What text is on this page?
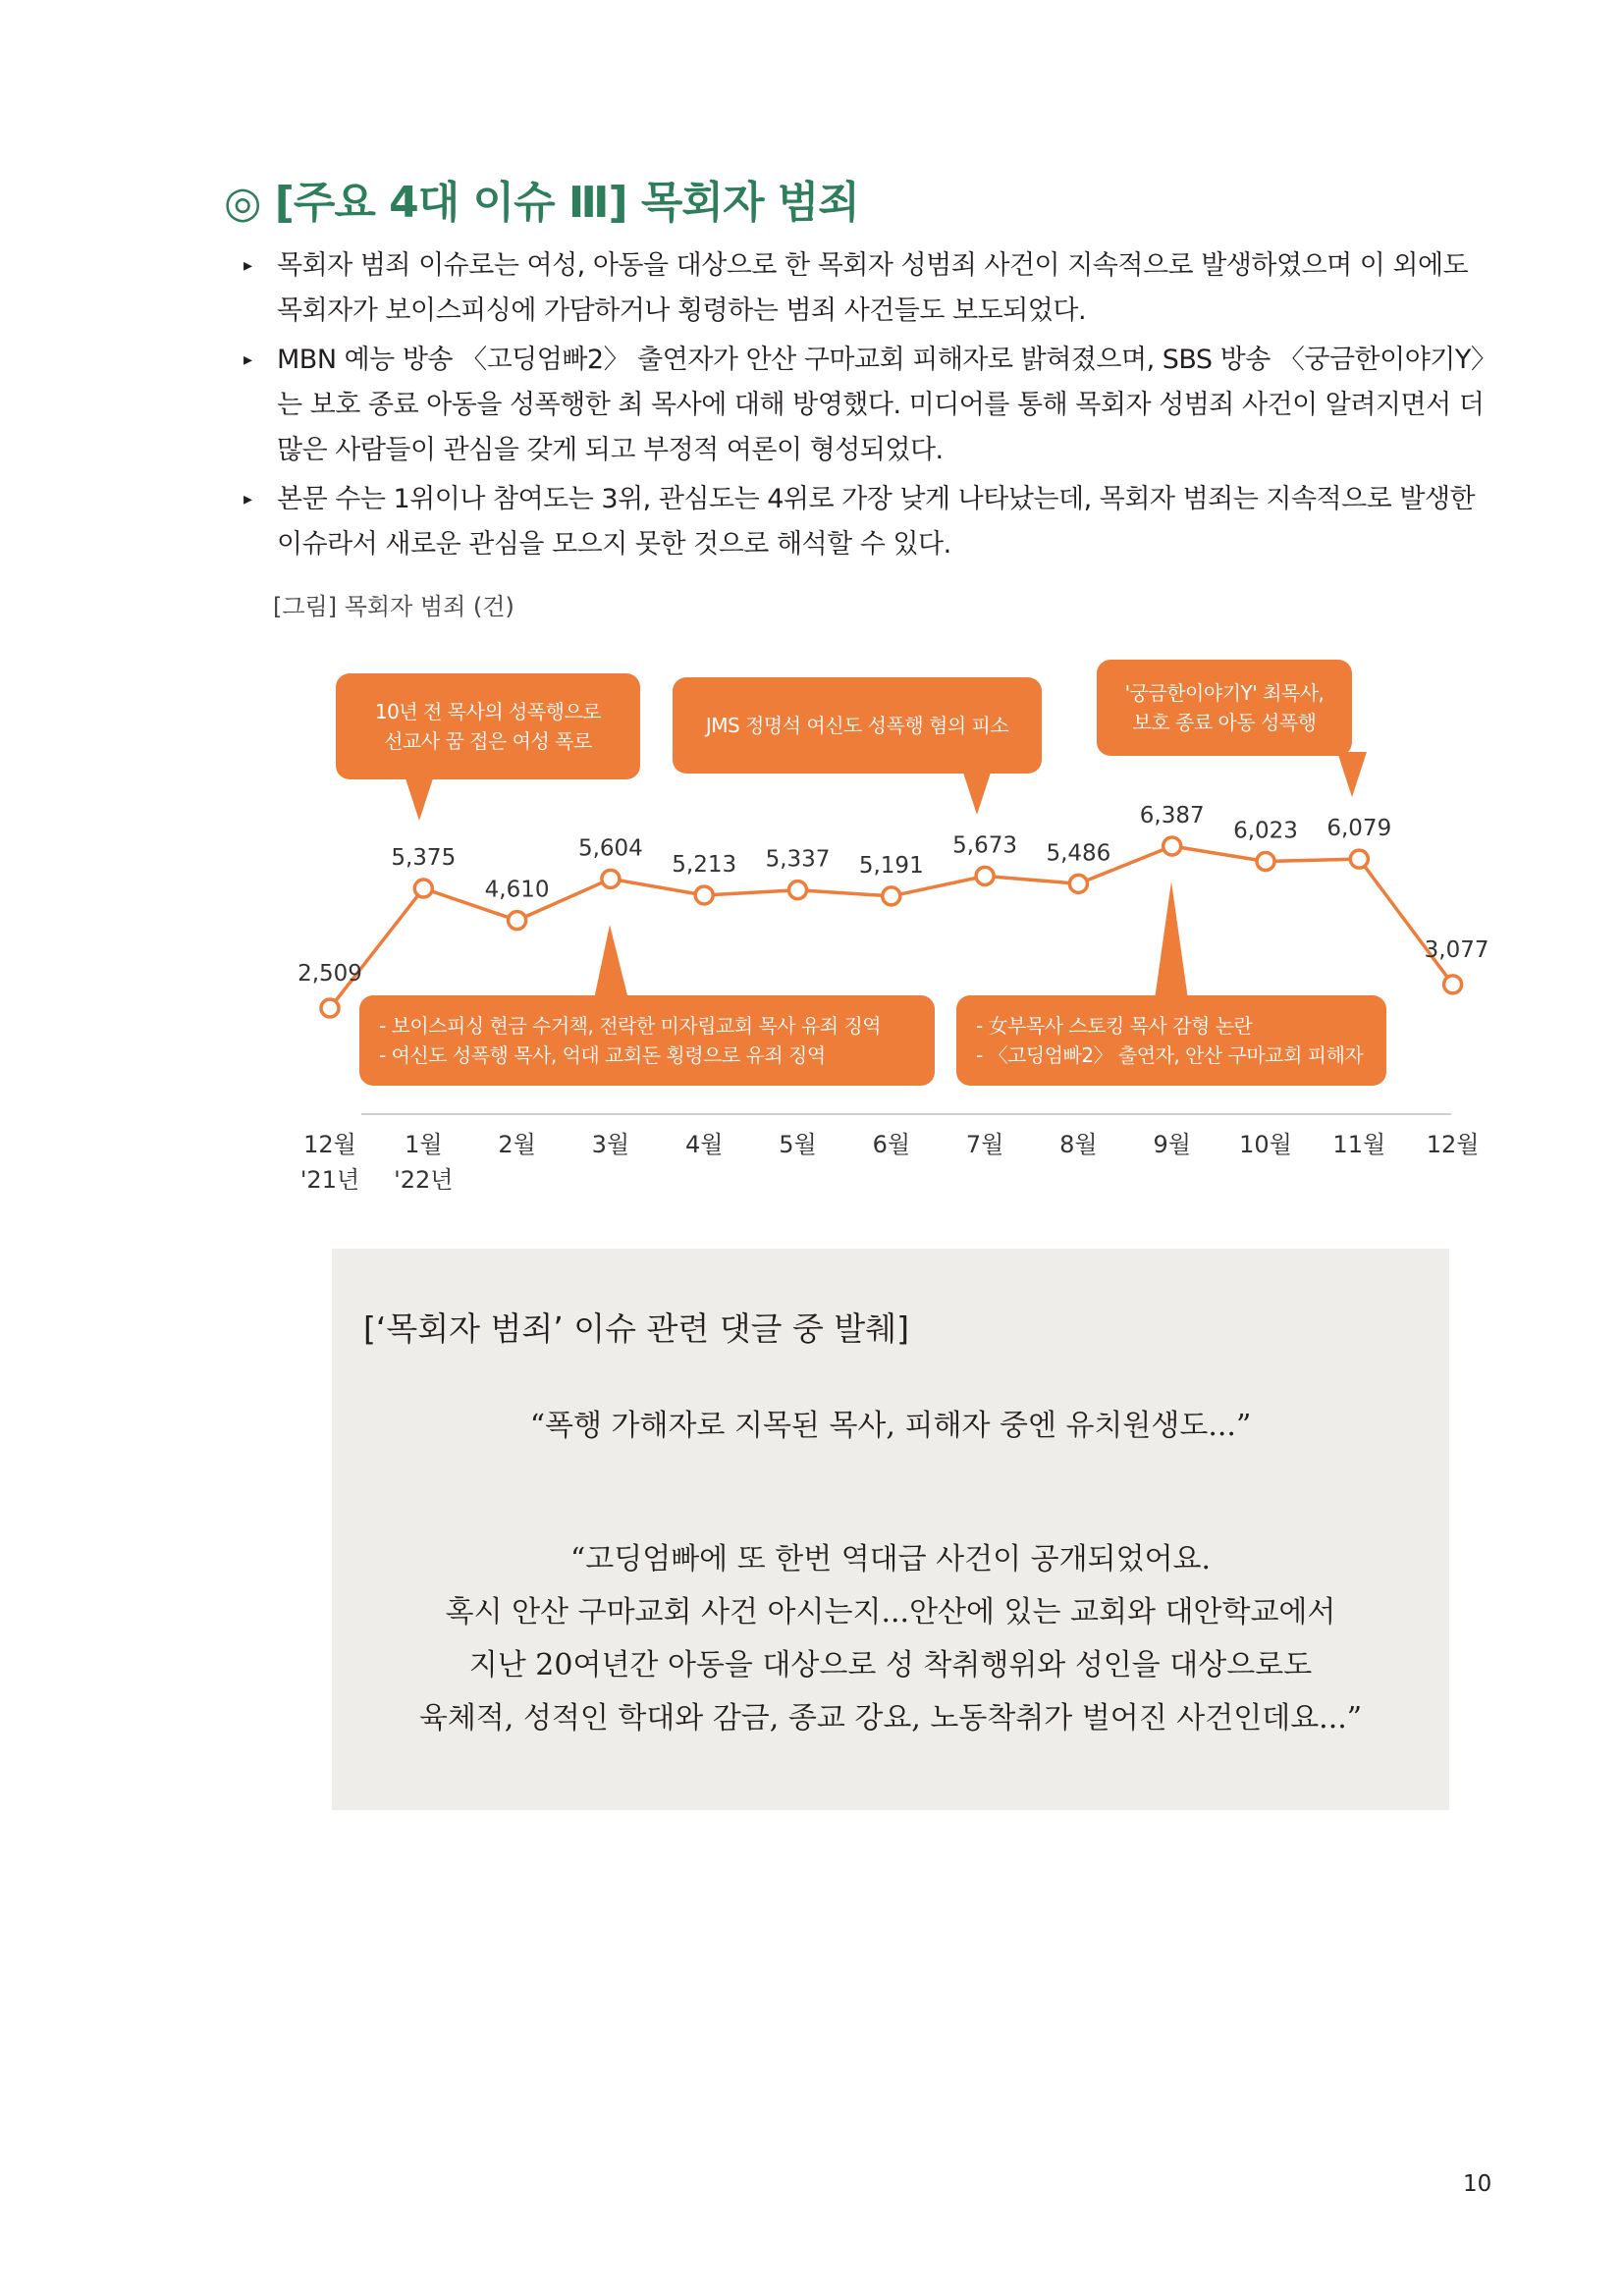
◎ [주요 4대 이슈 Ⅲ] 목회자 범죄
▸ 목회자 범죄 이슈로는 여성, 아동을 대상으로 한 목회자 성범죄 사건이 지속적으로 발생하였으며 이 외에도 목회자가 보이스피싱에 가담하거나 횡령하는 범죄 사건들도 보도되었다.
▸ MBN 예능 방송 〈고딩엄빠2〉 출연자가 안산 구마교회 피해자로 밝혀졌으며, SBS 방송 〈궁금한이야기Y〉는 보호 종료 아동을 성폭행한 최 목사에 대해 방영했다. 미디어를 통해 목회자 성범죄 사건이 알려지면서 더 많은 사람들이 관심을 갖게 되고 부정적 여론이 형성되었다.
▸ 본문 수는 1위이나 참여도는 3위, 관심도는 4위로 가장 낮게 나타났는데, 목회자 범죄는 지속적으로 발생한 이슈라서 새로운 관심을 모으지 못한 것으로 해석할 수 있다.
[그림] 목회자 범죄 (건)
2,509
12월
'21년
5,375
1월
'22년
4,610
2월
5,604
3월
5,213
4월
5,337
5월
5,191
6월
5,673
7월
5,486
8월
6,387
9월
6,023
10월
6,079
11월
3,077
12월
10년 전 목사의 성폭행으로
선교사 꿈 접은 여성 폭로
JMS 정명석 여신도 성폭행 혐의 피소
'궁금한이야기Y' 최목사,
보호 종료 아동 성폭행
- 보이스피싱 현금 수거책, 전락한 미자립교회 목사 유죄 징역
- 여신도 성폭행 목사, 억대 교회돈 횡령으로 유죄 징역
- 女부목사 스토킹 목사 감형 논란
- 〈고딩엄빠2〉 출연자, 안산 구마교회 피해자
[‘목회자 범죄’ 이슈 관련 댓글 중 발췌]
“폭행 가해자로 지목된 목사, 피해자 중엔 유치원생도...”
“고딩엄빠에 또 한번 역대급 사건이 공개되었어요.
혹시 안산 구마교회 사건 아시는지...안산에 있는 교회와 대안학교에서
지난 20여년간 아동을 대상으로 성 착취행위와 성인을 대상으로도
육체적, 성적인 학대와 감금, 종교 강요, 노동착취가 벌어진 사건인데요...”
10
